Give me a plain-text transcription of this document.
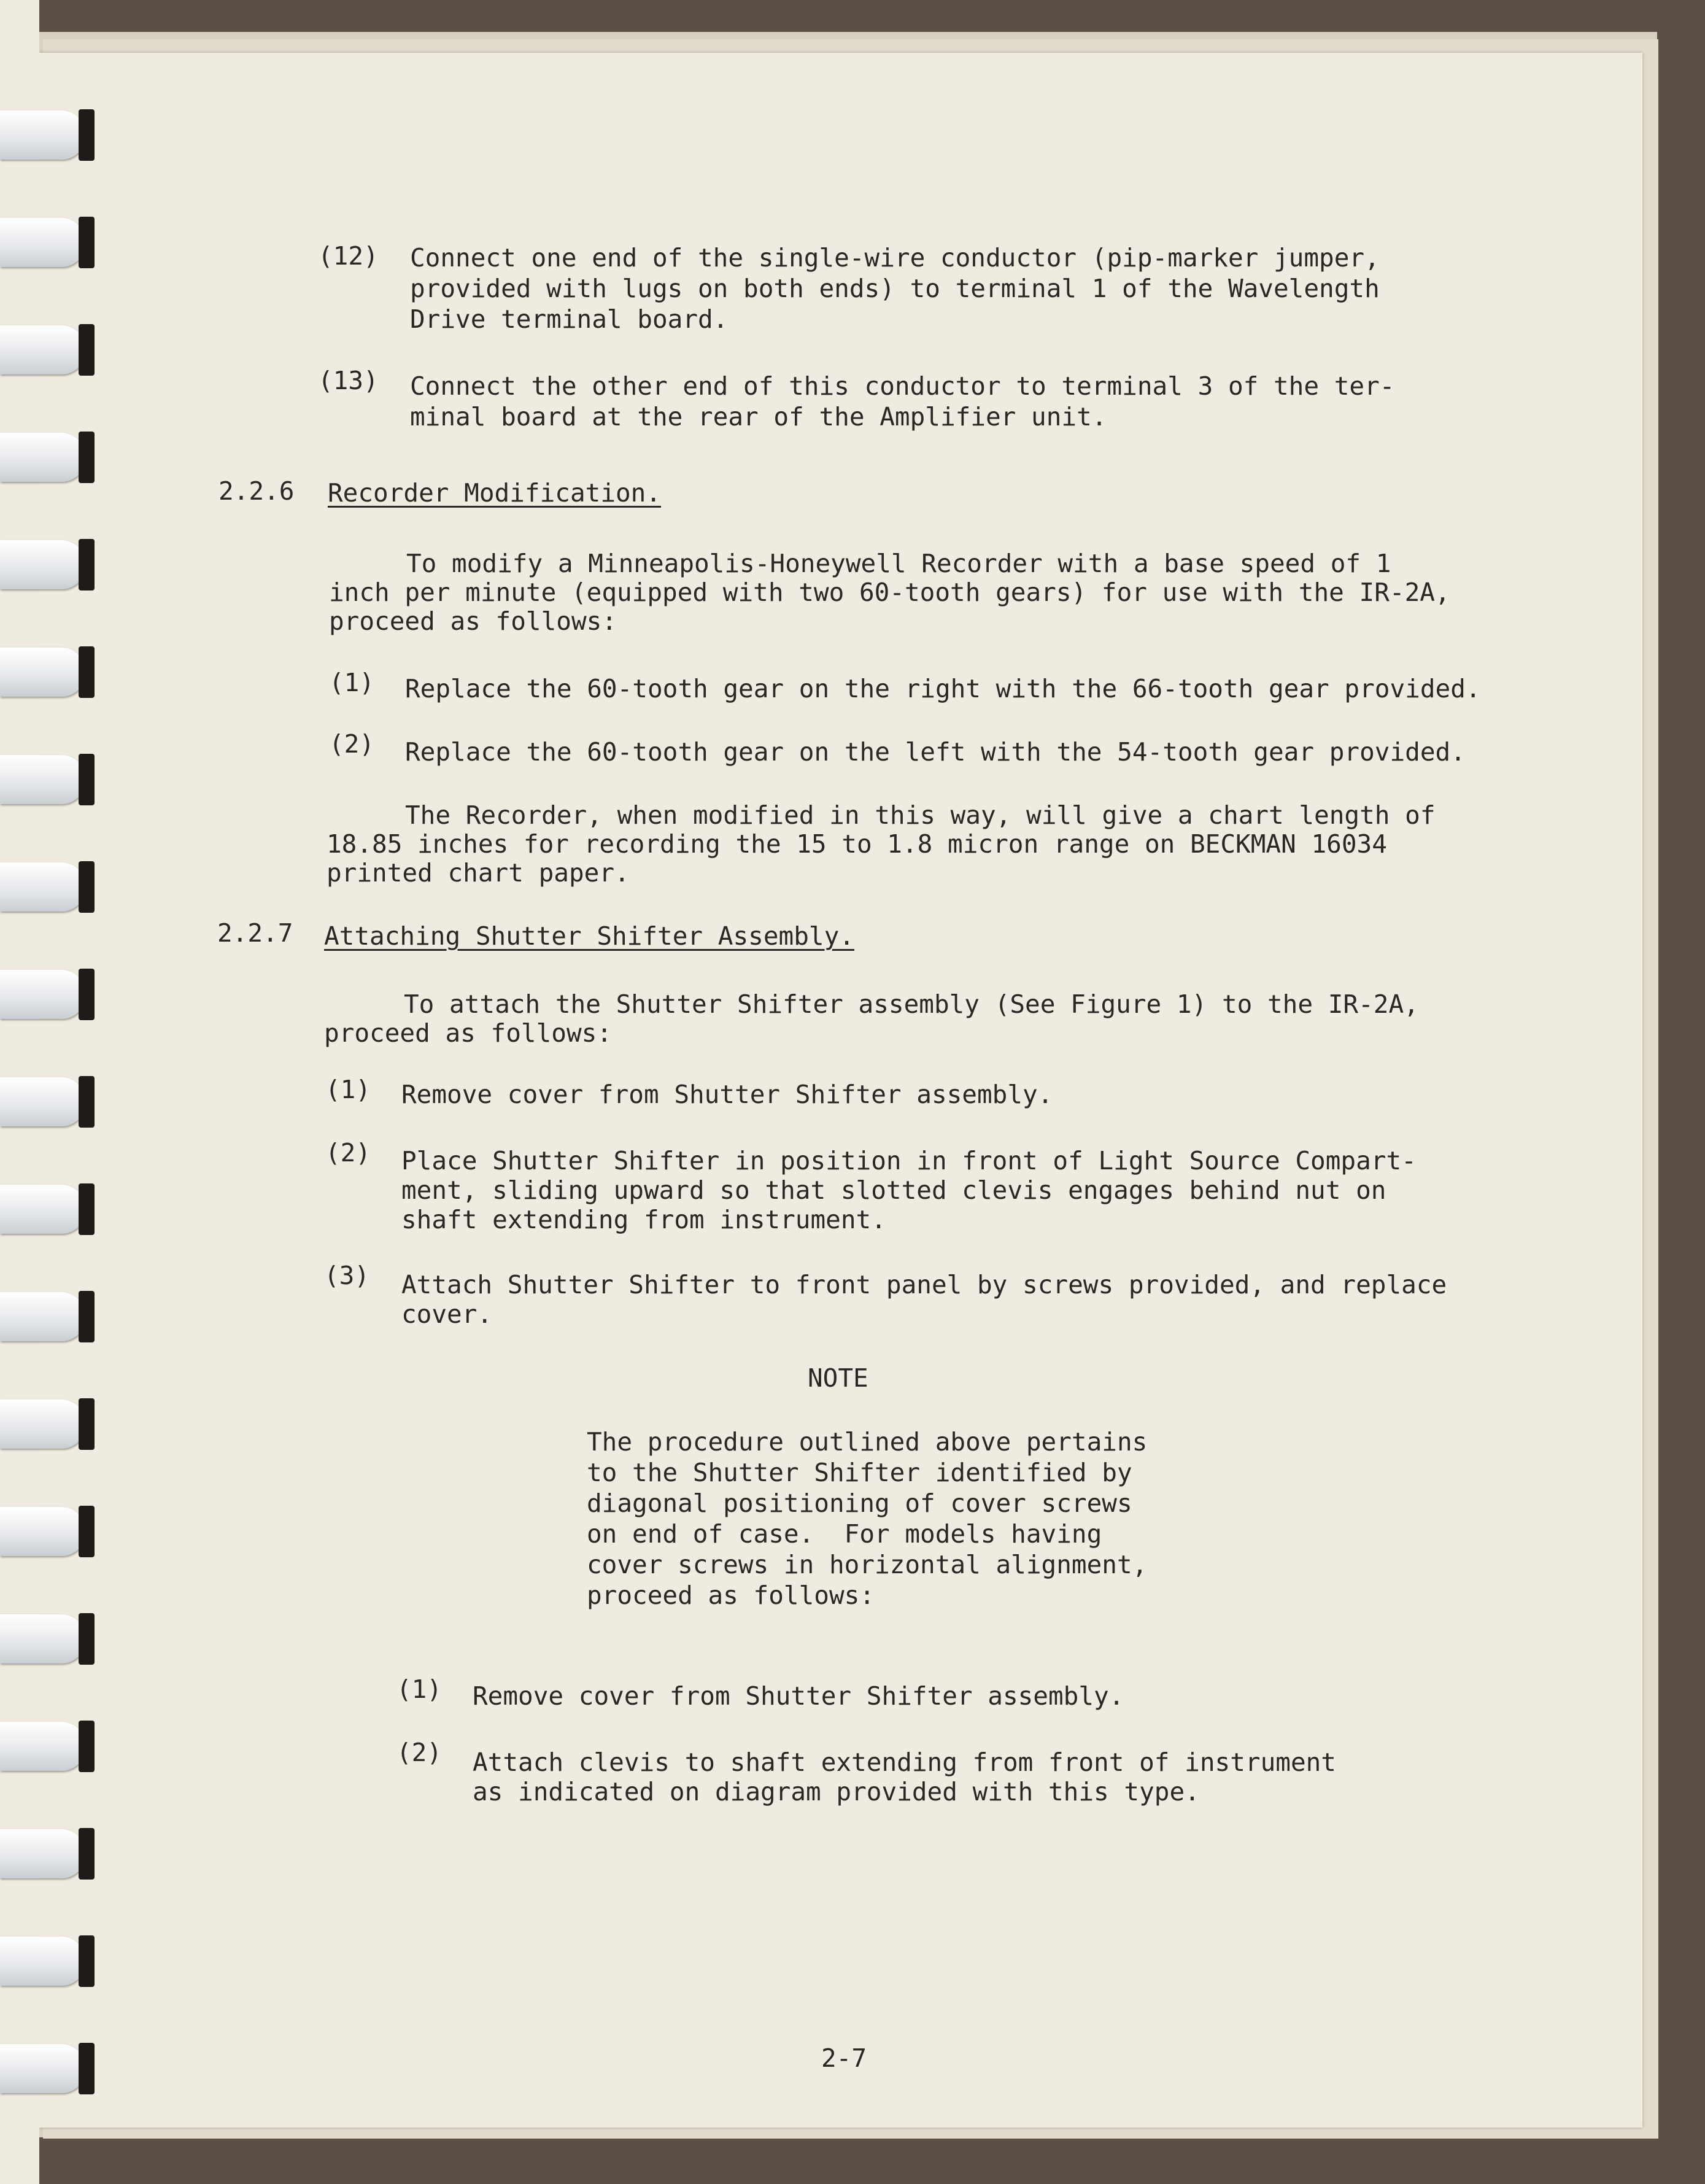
(12) Connect one end of the single-wire conductor (pip-marker jumper,
provided with lugs on both ends) to terminal 1 of the Wavelength
Drive terminal board.
(13) Connect the other end of this conductor to terminal 3 of the ter-
minal board at the rear of the Amplifier unit.
2.2.6 Recorder Modification.
To modify a Minneapolis-Honeywell Recorder with a base speed of 1
inch per minute (equipped with two 60-tooth gears) for use with the IR-2A,
proceed as follows:
(1) Replace the 60-tooth gear on the right with the 66-tooth gear provided.
(2) Replace the 60-tooth gear on the left with the 54-tooth gear provided.
The Recorder, when modified in this way, will give a chart length of
18.85 inches for recording the 15 to 1.8 micron range on BECKMAN 16034
printed chart paper.
2.2.7 Attaching Shutter Shifter Assembly.
To attach the Shutter Shifter assembly (See Figure 1) to the IR-2A,
proceed as follows:
(1) Remove cover from Shutter Shifter assembly.
(2) Place Shutter Shifter in position in front of Light Source Compart-
ment, sliding upward so that slotted clevis engages behind nut on
shaft extending from instrument.
(3) Attach Shutter Shifter to front panel by screws provided, and replace
cover.
NOTE
The procedure outlined above pertains
to the Shutter Shifter identified by
diagonal positioning of cover screws
on end of case.  For models having
cover screws in horizontal alignment,
proceed as follows:
(1) Remove cover from Shutter Shifter assembly.
(2) Attach clevis to shaft extending from front of instrument
as indicated on diagram provided with this type.
2-7
